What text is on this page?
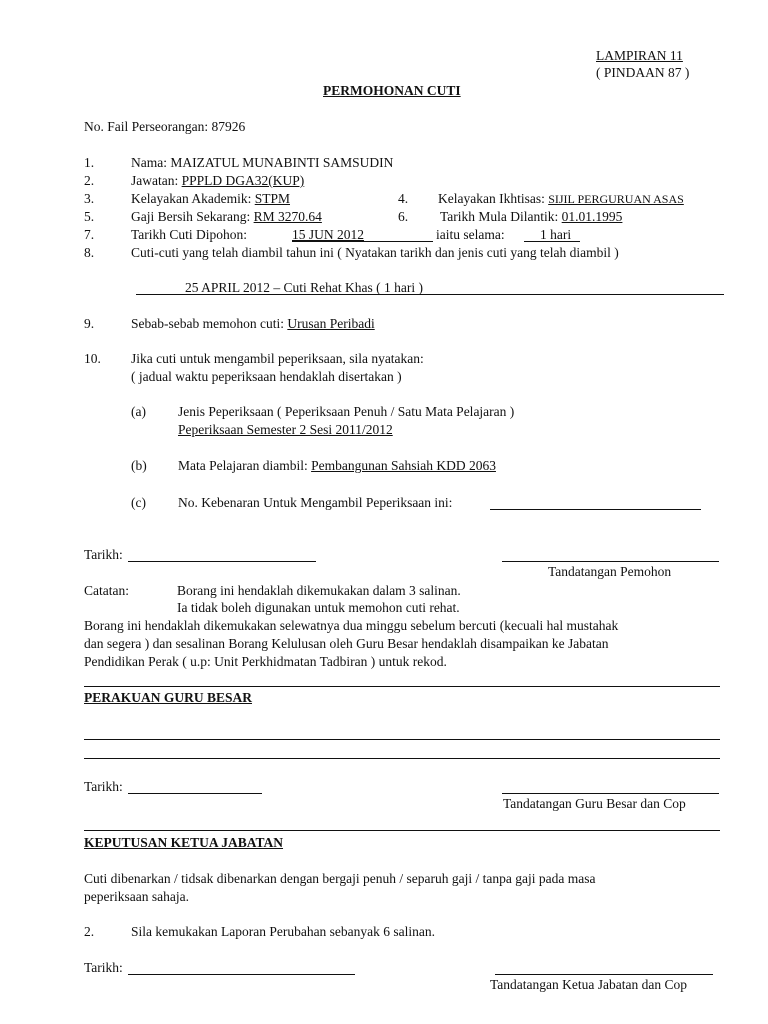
LAMPIRAN 11
( PINDAAN 87 )
PERMOHONAN CUTI
No. Fail Perseorangan: 87926
1.	Nama: MAIZATUL MUNABINTI SAMSUDIN
2.	Jawatan: PPPLD DGA32(KUP)
3.	Kelayakan Akademik: STPM	4. Kelayakan Ikhtisas: SIJIL PERGURUAN ASAS
5.	Gaji Bersih Sekarang: RM 3270.64	6. Tarikh Mula Dilantik: 01.01.1995
7.	Tarikh Cuti Dipohon:	15 JUN 2012	iaitu selama:	1 hari
8.	Cuti-cuti yang telah diambil tahun ini ( Nyatakan tarikh dan jenis cuti yang telah diambil )
25 APRIL 2012 – Cuti Rehat Khas ( 1 hari )
9.	Sebab-sebab memohon cuti: Urusan Peribadi
10. Jika cuti untuk mengambil peperiksaan, sila nyatakan:
( jadual waktu peperiksaan hendaklah disertakan )
(a) Jenis Peperiksaan ( Peperiksaan Penuh / Satu Mata Pelajaran )
Peperiksaan Semester 2 Sesi 2011/2012
(b) Mata Pelajaran diambil: Pembangunan Sahsiah KDD 2063
(c) No. Kebenaran Untuk Mengambil Peperiksaan ini:
Tarikh:
Tandatangan Pemohon
Catatan:	Borang ini hendaklah dikemukakan dalam 3 salinan.
Ia tidak boleh digunakan untuk memohon cuti rehat.
Borang ini hendaklah dikemukakan selewatnya dua minggu sebelum bercuti (kecuali hal mustahak
dan segera ) dan sesalinan Borang Kelulusan oleh Guru Besar hendaklah disampaikan ke Jabatan
Pendidikan Perak ( u.p: Unit Perkhidmatan Tadbiran ) untuk rekod.
PERAKUAN GURU BESAR
Tarikh:
Tandatangan Guru Besar dan Cop
KEPUTUSAN KETUA JABATAN
Cuti dibenarkan / tidsak dibenarkan dengan bergaji penuh / separuh gaji / tanpa gaji pada masa
peperiksaan sahaja.
2.	Sila kemukakan Laporan Perubahan sebanyak 6 salinan.
Tarikh:
Tandatangan Ketua Jabatan dan Cop
